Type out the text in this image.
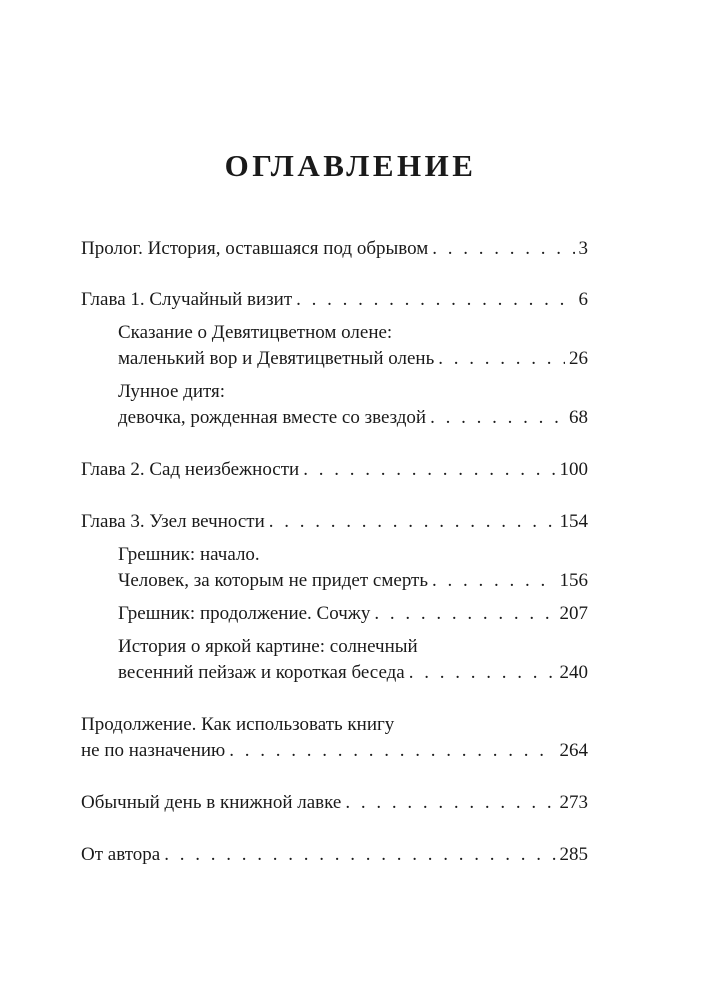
ОГЛАВЛЕНИЕ
Пролог. История, оставшаяся под обрывом . . .	3
Глава 1. Случайный визит . . .	6
Сказание о Девятицветном олене:
маленький вор и Девятицветный олень . . .	26
Лунное дитя:
девочка, рожденная вместе со звездой . . .	68
Глава 2. Сад неизбежности . . .	100
Глава 3. Узел вечности . . .	154
Грешник: начало.
Человек, за которым не придет смерть . . .	156
Грешник: продолжение. Сочжу . . .	207
История о яркой картине: солнечный
весенний пейзаж и короткая беседа . . .	240
Продолжение. Как использовать книгу
не по назначению . . .	264
Обычный день в книжной лавке . . .	273
От автора . . .	285
